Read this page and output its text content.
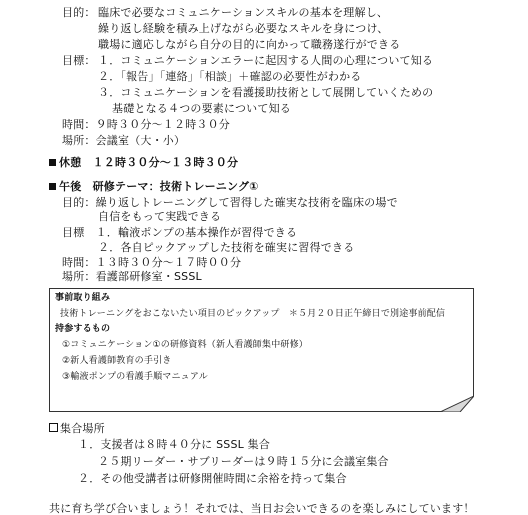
目的： 臨床で必要なコミュニケーションスキルの基本を理解し、
繰り返し経験を積み上げながら必要なスキルを身につけ、
職場に適応しながら自分の目的に向かって職務遂行ができる
目標： １．コミュニケーションエラーに起因する人間の心理について知る
２．「報告」「連絡」「相談」＋確認の必要性がわかる
３．コミュニケーションを看護援助技術として展開していくための
基礎となる４つの要素について知る
時間：９時３０分～１２時３０分
場所：会議室（大・小）
休憩　１２時３０分～１３時３０分
午後　研修テーマ：技術トレーニング①
目的：繰り返しトレーニングして習得した確実な技術を臨床の場で
自信をもって実践できる
目標　１．輸液ポンプの基本操作が習得できる
２．各自ピックアップした技術を確実に習得できる
時間：１３時３０分～１７時００分
場所：看護部研修室・SSSL
事前取り組み
技術トレーニングをおこないたい項目のピックアップ　＊５月２０日正午締日で別途事前配信
持参するもの
①コミュニケーション①の研修資料（新人看護師集中研修）
②新人看護師教育の手引き
③輸液ポンプの看護手順マニュアル
集合場所
１．支援者は８時４０分に SSSL 集合
２５期リーダー・サブリーダーは９時１５分に会議室集合
２．その他受講者は研修開催時間に余裕を持って集合
共に育ち学び合いましょう！それでは、当日お会いできるのを楽しみにしています！
